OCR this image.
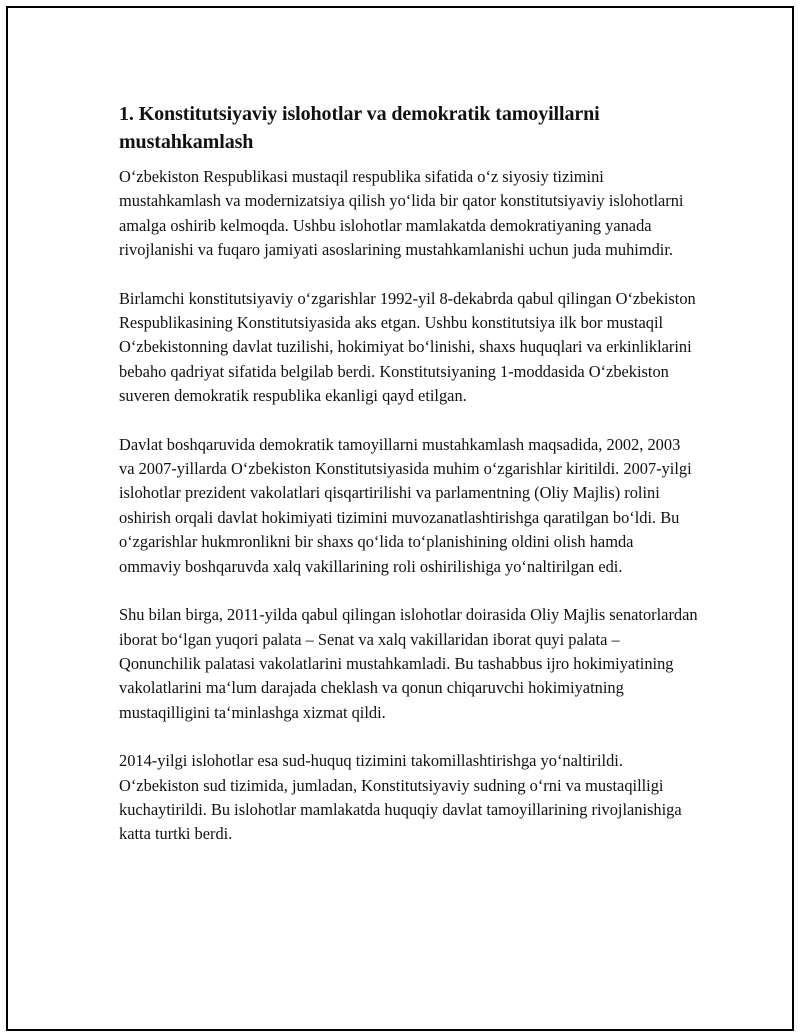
1. Konstitutsiyaviy islohotlar va demokratik tamoyillarni mustahkamlash

O‘zbekiston Respublikasi mustaqil respublika sifatida o‘z siyosiy tizimini mustahkamlash va modernizatsiya qilish yo‘lida bir qator konstitutsiyaviy islohotlarni amalga oshirib kelmoqda. Ushbu islohotlar mamlakatda demokratiyaning yanada rivojlanishi va fuqaro jamiyati asoslarining mustahkamlanishi uchun juda muhimdir.

Birlamchi konstitutsiyaviy o‘zgarishlar 1992-yil 8-dekabrda qabul qilingan O‘zbekiston Respublikasining Konstitutsiyasida aks etgan. Ushbu konstitutsiya ilk bor mustaqil O‘zbekistonning davlat tuzilishi, hokimiyat bo‘linishi, shaxs huquqlari va erkinliklarini bebaho qadriyat sifatida belgilab berdi. Konstitutsiyaning 1-moddasida O‘zbekiston suveren demokratik respublika ekanligi qayd etilgan.

Davlat boshqaruvida demokratik tamoyillarni mustahkamlash maqsadida, 2002, 2003 va 2007-yillarda O‘zbekiston Konstitutsiyasida muhim o‘zgarishlar kiritildi. 2007-yilgi islohotlar prezident vakolatlari qisqartirilishi va parlamentning (Oliy Majlis) rolini oshirish orqali davlat hokimiyati tizimini muvozanatlashtirishga qaratilgan bo‘ldi. Bu o‘zgarishlar hukmronlikni bir shaxs qo‘lida to‘planishining oldini olish hamda ommaviy boshqaruvda xalq vakillarining roli oshirilishiga yo‘naltirilgan edi.

Shu bilan birga, 2011-yilda qabul qilingan islohotlar doirasida Oliy Majlis senatorlardan iborat bo‘lgan yuqori palata – Senat va xalq vakillaridan iborat quyi palata – Qonunchilik palatasi vakolatlarini mustahkamladi. Bu tashabbus ijro hokimiyatining vakolatlarini ma‘lum darajada cheklash va qonun chiqaruvchi hokimiyatning mustaqilligini ta‘minlashga xizmat qildi.

2014-yilgi islohotlar esa sud-huquq tizimini takomillashtirishga yo‘naltirildi. O‘zbekiston sud tizimida, jumladan, Konstitutsiyaviy sudning o‘rni va mustaqilligi kuchaytirildi. Bu islohotlar mamlakatda huquqiy davlat tamoyillarining rivojlanishiga katta turtki berdi.
